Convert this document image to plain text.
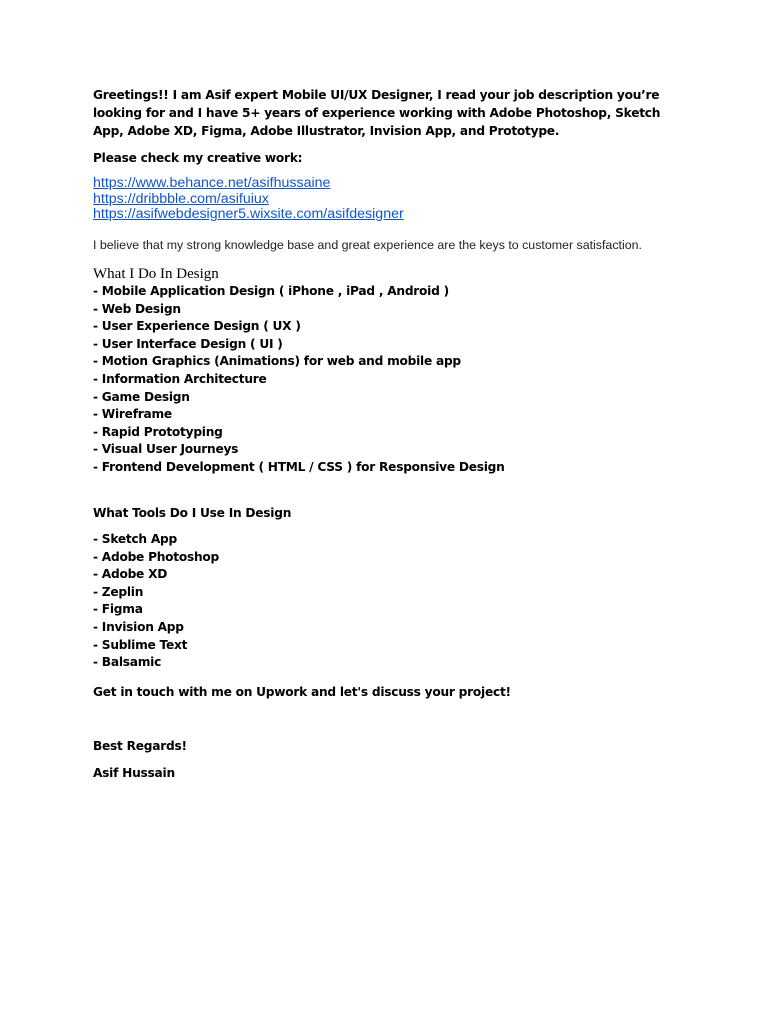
Greetings!! I am Asif expert Mobile UI/UX Designer, I read your job description you’re looking for and I have 5+ years of experience working with Adobe Photoshop, Sketch App, Adobe XD, Figma, Adobe Illustrator, Invision App, and Prototype.
Please check my creative work:
https://www.behance.net/asifhussaine
https://dribbble.com/asifuiux
https://asifwebdesigner5.wixsite.com/asifdesigner
I believe that my strong knowledge base and great experience are the keys to customer satisfaction.
What I Do In Design
- Mobile Application Design ( iPhone , iPad , Android )
- Web Design
- User Experience Design ( UX )
- User Interface Design ( UI )
- Motion Graphics (Animations) for web and mobile app
- Information Architecture
- Game Design
- Wireframe
- Rapid Prototyping
- Visual User Journeys
- Frontend Development ( HTML / CSS ) for Responsive Design
What Tools Do I Use In Design
- Sketch App
- Adobe Photoshop
- Adobe XD
- Zeplin
- Figma
- Invision App
- Sublime Text
- Balsamic
Get in touch with me on Upwork and let's discuss your project!
Best Regards!
Asif Hussain
